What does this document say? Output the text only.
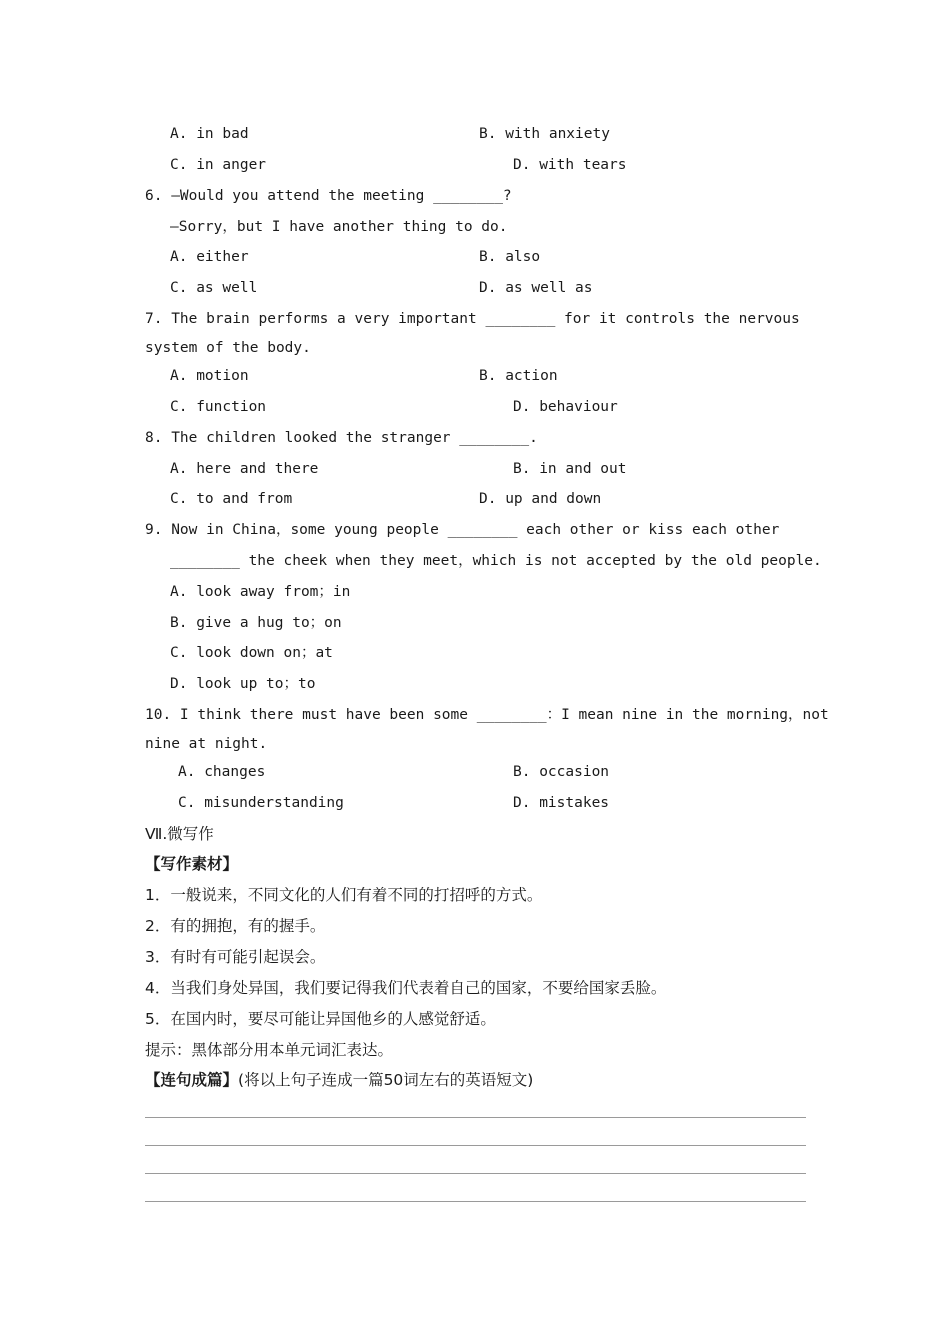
A. in bad	B. with anxiety
C. in anger	D. with tears
6. —Would you attend the meeting ________?
—Sorry，but I have another thing to do.
A. either	B. also
C. as well	D. as well as
7. The brain performs a very important ________ for it controls the nervous
system of the body.
A. motion	B. action
C. function	D. behaviour
8. The children looked the stranger ________.
A. here and there	B. in and out
C. to and from	D. up and down
9. Now in China，some young people ________ each other or kiss each other
________ the cheek when they meet，which is not accepted by the old people.
A. look away from；in
B. give a hug to；on
C. look down on；at
D. look up to；to
10. I think there must have been some ________：I mean nine in the morning，not
nine at night.
A. changes	B. occasion
C. misunderstanding	D. mistakes
Ⅶ.微写作
【写作素材】
1．一般说来，不同文化的人们有着不同的打招呼的方式。
2．有的拥抱，有的握手。
3．有时有可能引起误会。
4．当我们身处异国，我们要记得我们代表着自己的国家，不要给国家丢脸。
5．在国内时，要尽可能让异国他乡的人感觉舒适。
提示：黑体部分用本单元词汇表达。
【连句成篇】(将以上句子连成一篇50词左右的英语短文)
